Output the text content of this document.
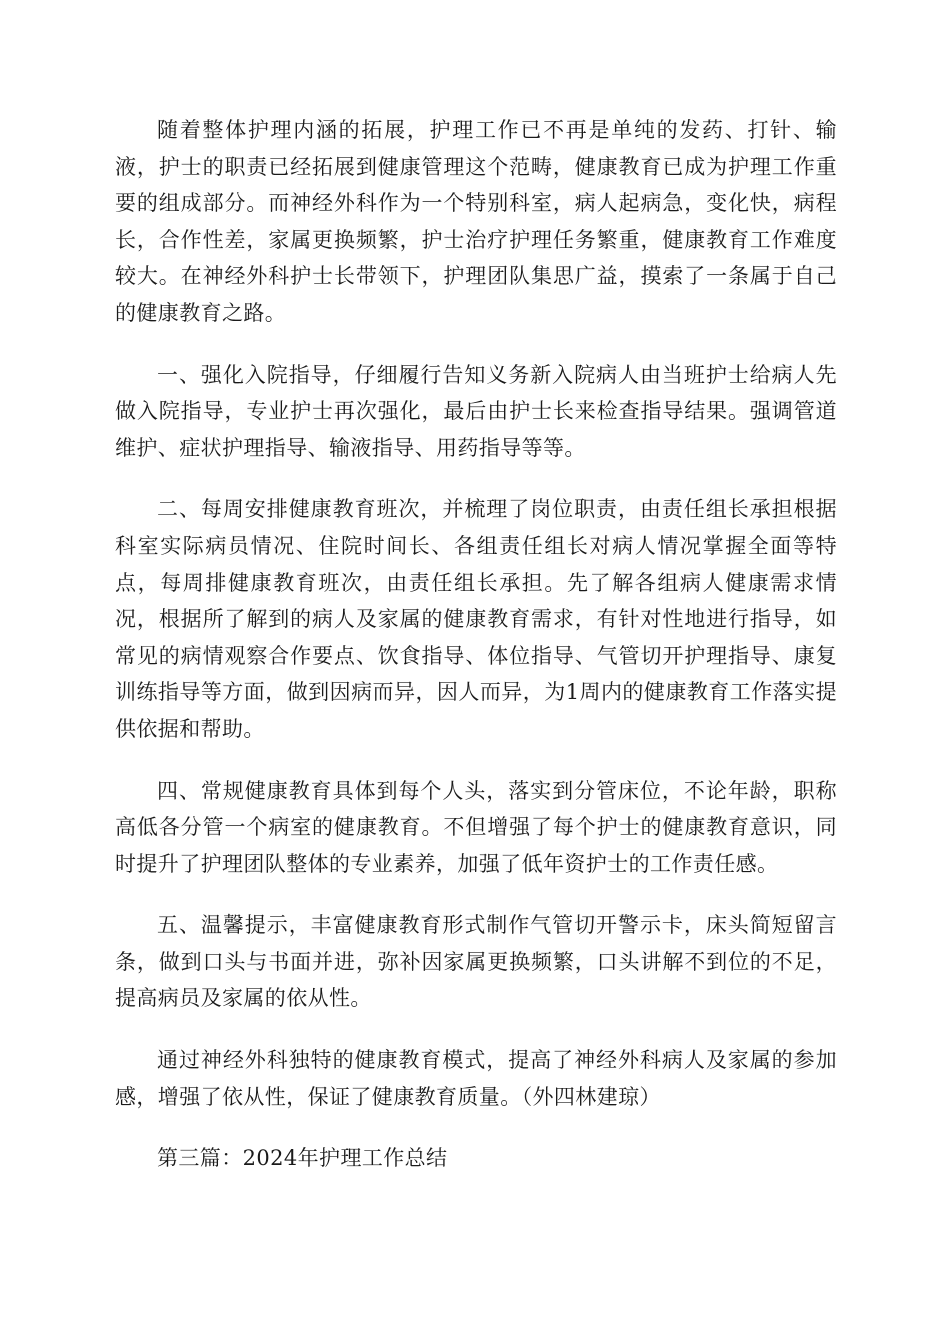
随着整体护理内涵的拓展，护理工作已不再是单纯的发药、打针、输液，护士的职责已经拓展到健康管理这个范畴，健康教育已成为护理工作重要的组成部分。而神经外科作为一个特别科室，病人起病急，变化快，病程长，合作性差，家属更换频繁，护士治疗护理任务繁重，健康教育工作难度较大。在神经外科护士长带领下，护理团队集思广益，摸索了一条属于自己的健康教育之路。

一、强化入院指导，仔细履行告知义务新入院病人由当班护士给病人先做入院指导，专业护士再次强化，最后由护士长来检查指导结果。强调管道维护、症状护理指导、输液指导、用药指导等等。

二、每周安排健康教育班次，并梳理了岗位职责，由责任组长承担根据科室实际病员情况、住院时间长、各组责任组长对病人情况掌握全面等特点，每周排健康教育班次，由责任组长承担。先了解各组病人健康需求情况，根据所了解到的病人及家属的健康教育需求，有针对性地进行指导，如常见的病情观察合作要点、饮食指导、体位指导、气管切开护理指导、康复训练指导等方面，做到因病而异，因人而异，为1周内的健康教育工作落实提供依据和帮助。

四、常规健康教育具体到每个人头，落实到分管床位，不论年龄，职称高低各分管一个病室的健康教育。不但增强了每个护士的健康教育意识，同时提升了护理团队整体的专业素养，加强了低年资护士的工作责任感。

五、温馨提示，丰富健康教育形式制作气管切开警示卡，床头简短留言条，做到口头与书面并进，弥补因家属更换频繁，口头讲解不到位的不足，提高病员及家属的依从性。

通过神经外科独特的健康教育模式，提高了神经外科病人及家属的参加感，增强了依从性，保证了健康教育质量。（外四林建琼）

第三篇：2024年护理工作总结
